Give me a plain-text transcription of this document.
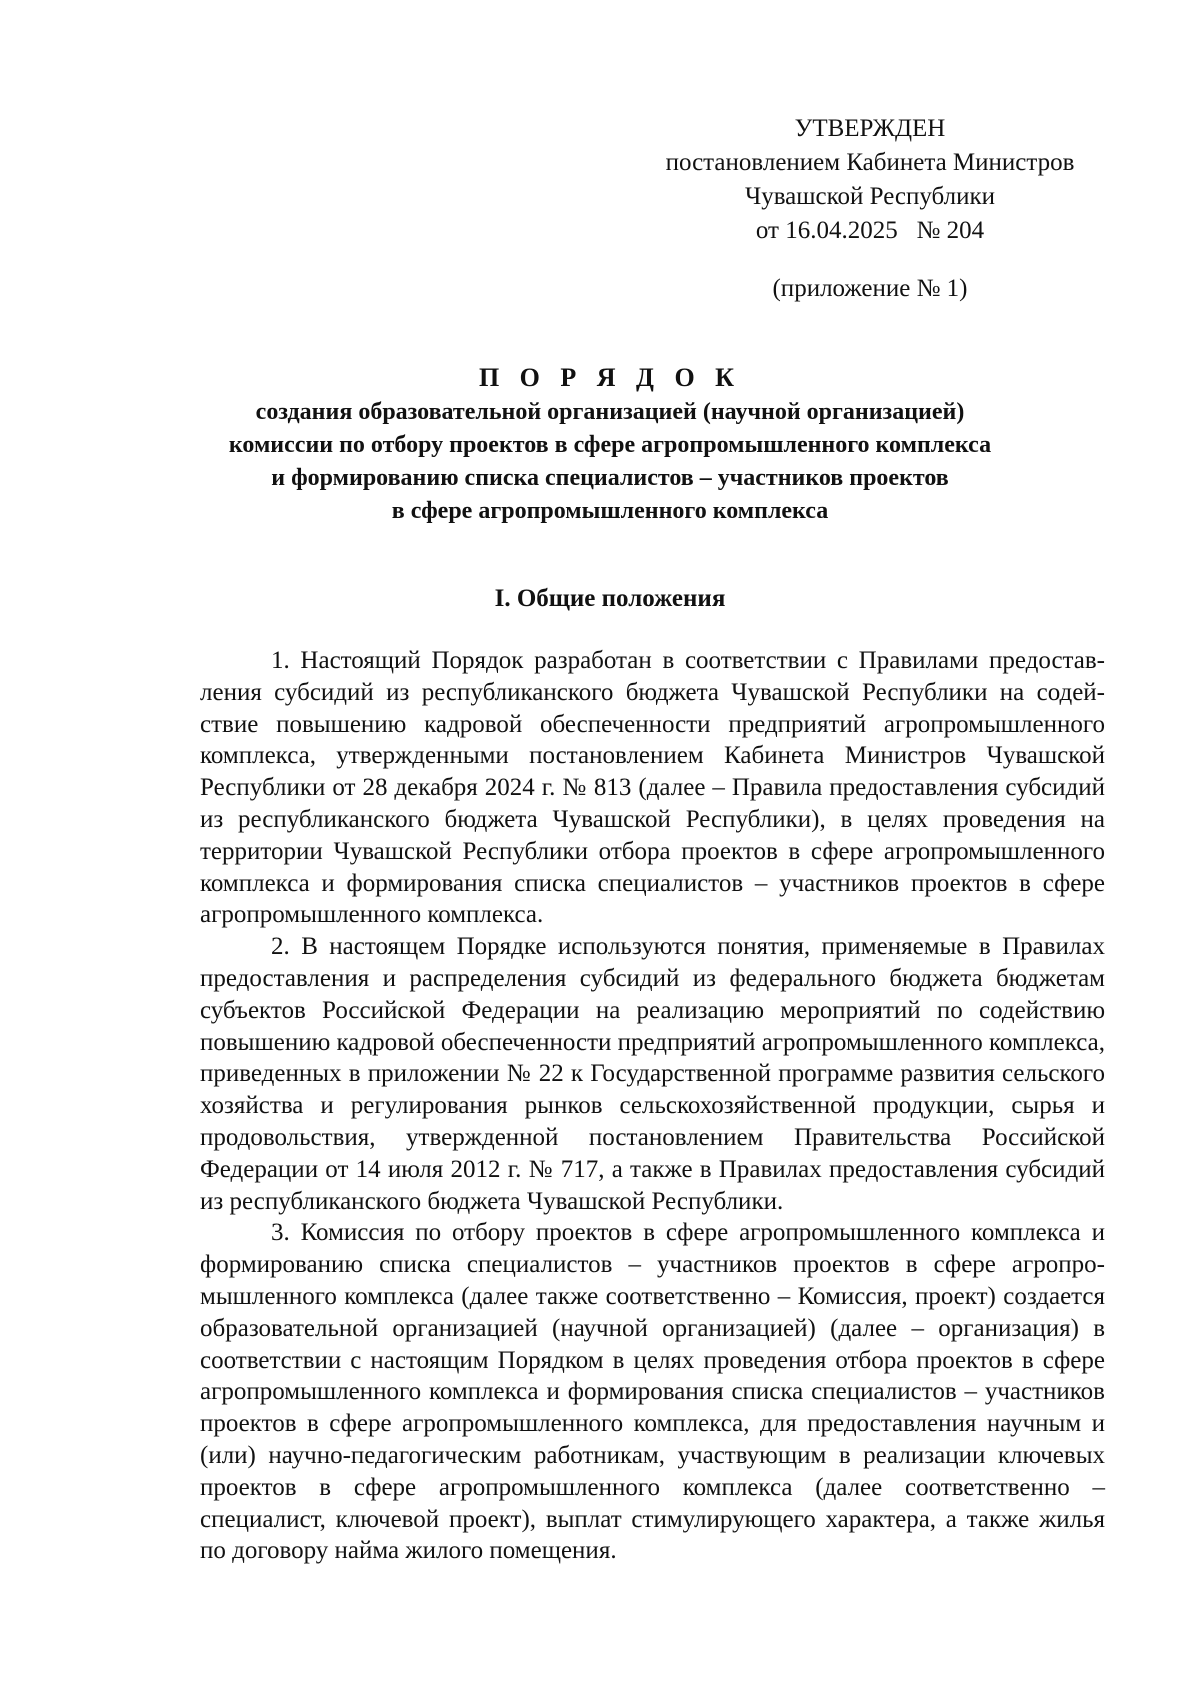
УТВЕРЖДЕН
постановлением Кабинета Министров
Чувашской Республики
от 16.04.2025   № 204
(приложение № 1)
П О Р Я Д О К
создания образовательной организацией (научной организацией)
комиссии по отбору проектов в сфере агропромышленного комплекса
и формированию списка специалистов – участников проектов
в сфере агропромышленного комплекса
I. Общие положения

1. Настоящий Порядок разработан в соответствии с Правилами предоставления субсидий из республиканского бюджета Чувашской Республики на содействие повышению кадровой обеспеченности предприятий агропромышленного комплекса, утвержденными постановлением Кабинета Министров Чувашской Республики от 28 декабря 2024 г. № 813 (далее – Правила предоставления субсидий из республиканского бюджета Чувашской Республики), в целях проведения на территории Чувашской Республики отбора проектов в сфере агропромышленного комплекса и формирования списка специалистов – участников проектов в сфере агропромышленного комплекса.

2. В настоящем Порядке используются понятия, применяемые в Правилах предоставления и распределения субсидий из федерального бюджета бюджетам субъектов Российской Федерации на реализацию мероприятий по содействию повышению кадровой обеспеченности предприятий агропромышленного комплекса, приведенных в приложении № 22 к Государственной программе развития сельского хозяйства и регулирования рынков сельскохозяйственной продукции, сырья и продовольствия, утвержденной постановлением Правительства Российской Федерации от 14 июля 2012 г. № 717, а также в Правилах предоставления субсидий из республиканского бюджета Чувашской Республики.

3. Комиссия по отбору проектов в сфере агропромышленного комплекса и формированию списка специалистов – участников проектов в сфере агропромышленного комплекса (далее также соответственно – Комиссия, проект) создается образовательной организацией (научной организацией) (далее – организация) в соответствии с настоящим Порядком в целях проведения отбора проектов в сфере агропромышленного комплекса и формирования списка специалистов – участников проектов в сфере агропромышленного комплекса, для предоставления научным и (или) научно-педагогическим работникам, участвующим в реализации ключевых проектов в сфере агропромышленного комплекса (далее соответственно – специалист, ключевой проект), выплат стимулирующего характера, а также жилья по договору найма жилого помещения.
